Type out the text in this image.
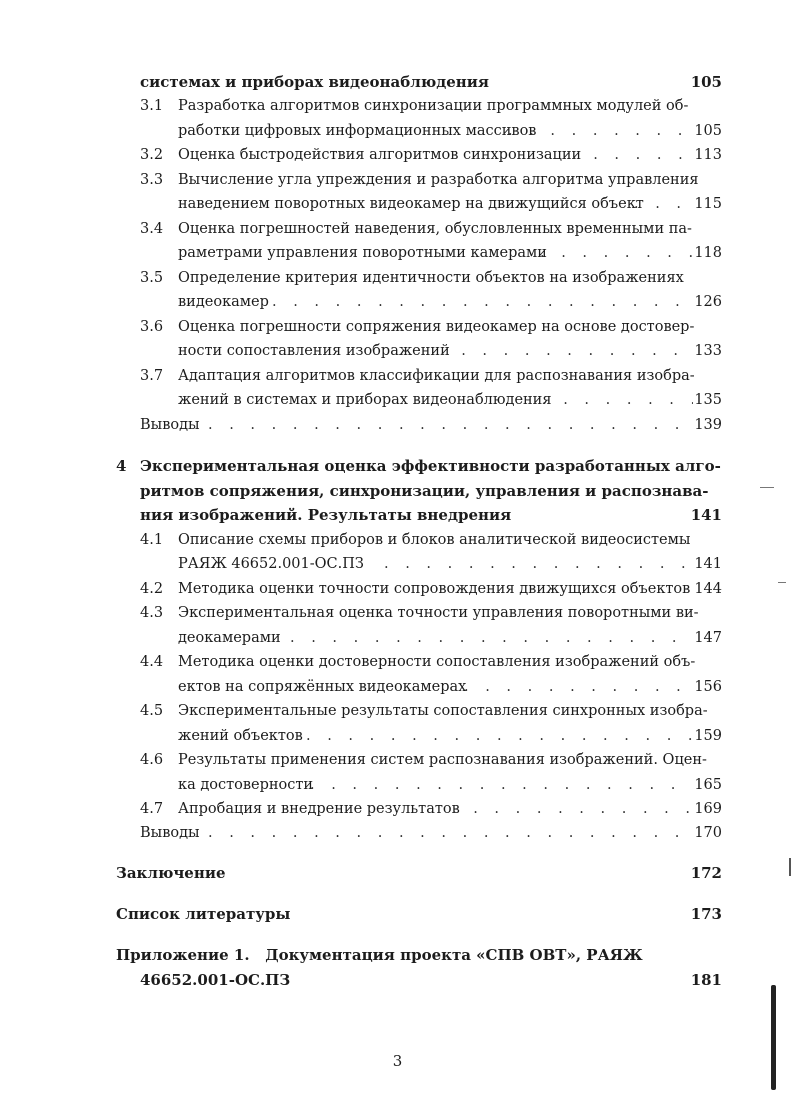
системах и приборах видеонаблюдения	105
3.1 Разработка алгоритмов синхронизации программных модулей об-
работки цифровых информационных массивов . . .	105
3.2 Оценка быстродействия алгоритмов синхронизации . . .	113
3.3 Вычисление угла упреждения и разработка алгоритма управления
наведением поворотных видеокамер на движущийся объект . . .	115
3.4 Оценка погрешностей наведения, обусловленных временными па-
раметрами управления поворотными камерами . . .	118
3.5 Определение критерия идентичности объектов на изображениях
видеокамер . . .	126
3.6 Оценка погрешности сопряжения видеокамер на основе достовер-
ности сопоставления изображений . . .	133
3.7 Адаптация алгоритмов классификации для распознавания изобра-
жений в системах и приборах видеонаблюдения . . .	135
Выводы . . .	139
4 Экспериментальная оценка эффективности разработанных алго-
ритмов сопряжения, синхронизации, управления и распознава-
ния изображений. Результаты внедрения	141
4.1 Описание схемы приборов и блоков аналитической видеосистемы
РАЯЖ 46652.001-ОС.ПЗ . . .	141
4.2 Методика оценки точности сопровождения движущихся объектов 144
4.3 Экспериментальная оценка точности управления поворотными ви-
деокамерами . . .	147
4.4 Методика оценки достоверности сопоставления изображений объ-
ектов на сопряжённых видеокамерах . . .	156
4.5 Экспериментальные результаты сопоставления синхронных изобра-
жений объектов . . .	159
4.6 Результаты применения систем распознавания изображений. Оцен-
ка достоверности . . .	165
4.7 Апробация и внедрение результатов . . .	169
Выводы . . .	170
Заключение	172
Список литературы	173
Приложение 1.   Документация проекта «СПВ ОВТ», РАЯЖ
46652.001-ОС.ПЗ	181
3
